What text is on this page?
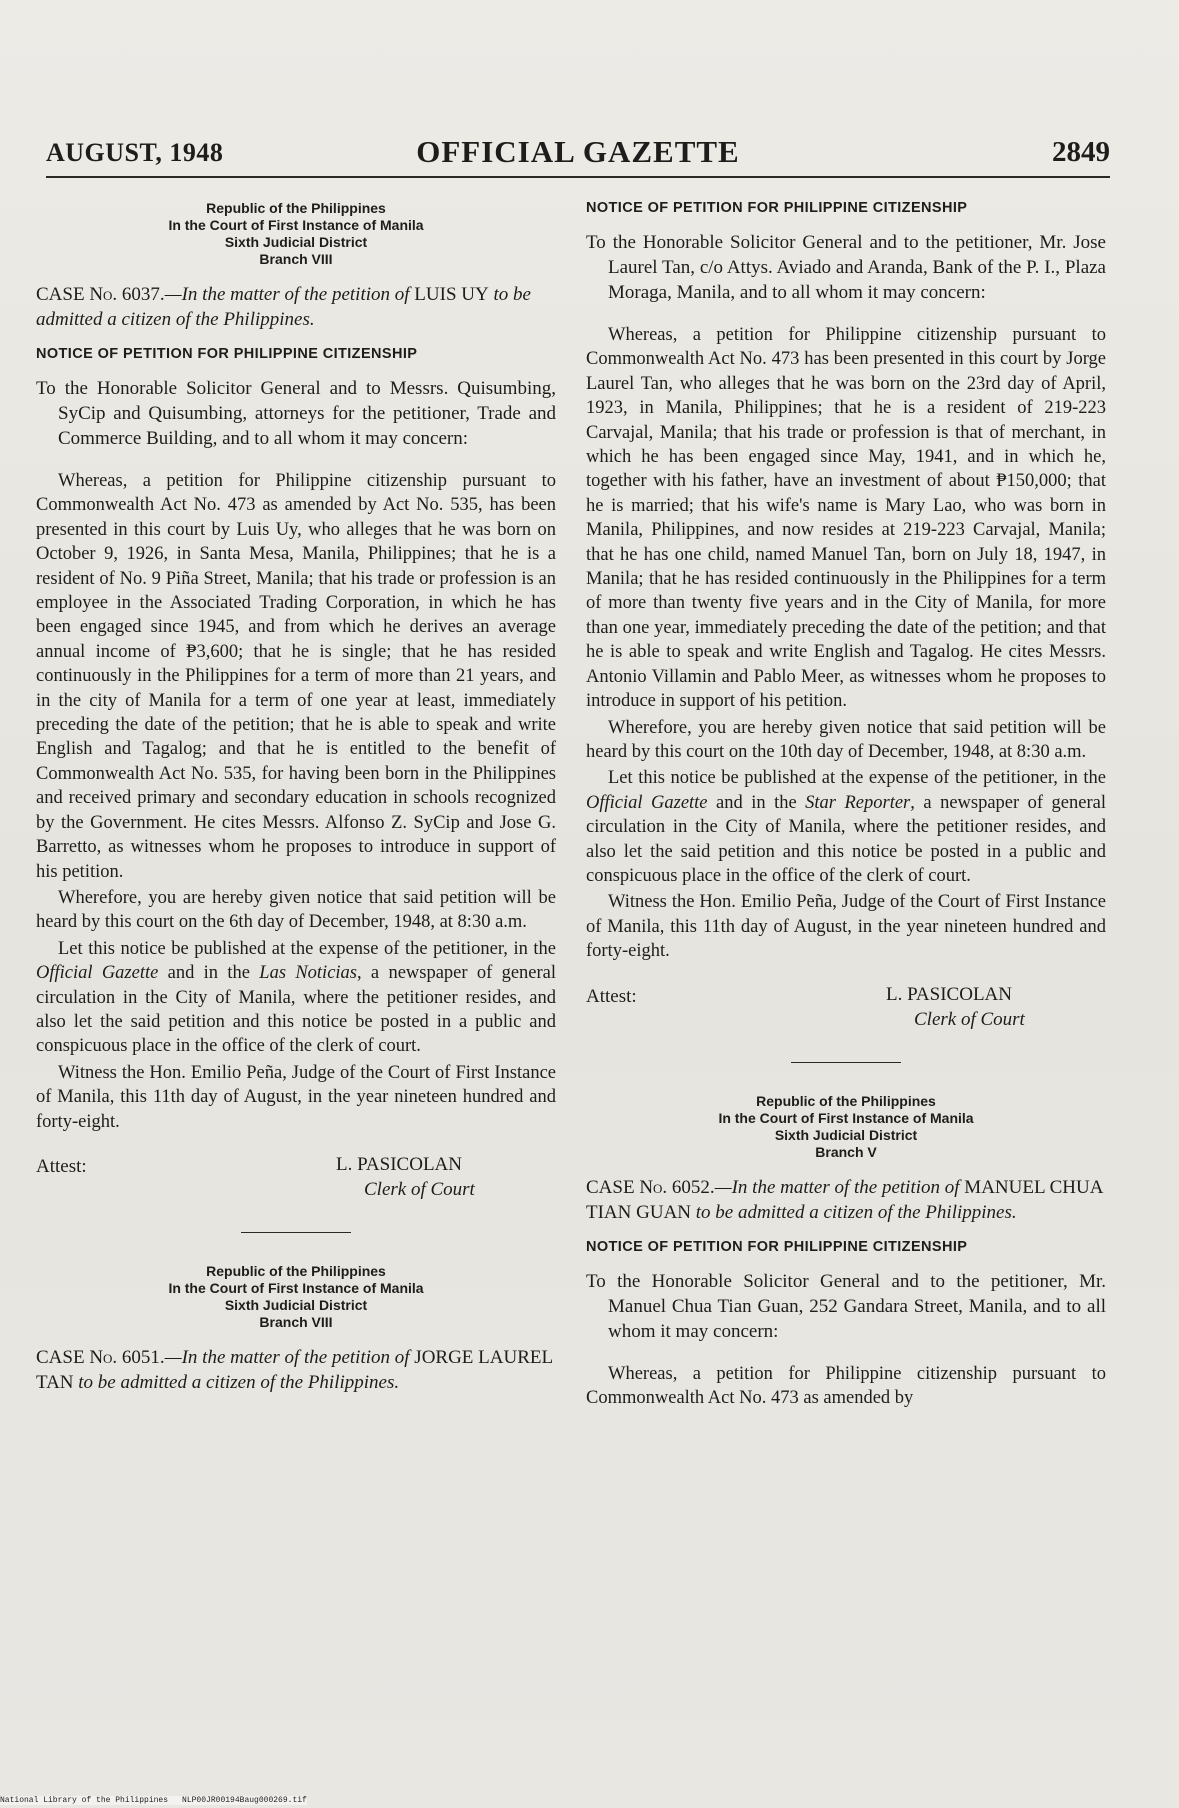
AUGUST, 1948	OFFICIAL GAZETTE	2849
Republic of the Philippines
In the Court of First Instance of Manila
Sixth Judicial District
Branch VIII
CASE No. 6037.—In the matter of the petition of LUIS UY to be admitted a citizen of the Philippines.
NOTICE OF PETITION FOR PHILIPPINE CITIZENSHIP

To the Honorable Solicitor General and to Messrs. Quisumbing, SyCip and Quisumbing, attorneys for the petitioner, Trade and Commerce Building, and to all whom it may concern:

Whereas, a petition for Philippine citizenship pursuant to Commonwealth Act No. 473 as amended by Act No. 535, has been presented in this court by Luis Uy, who alleges that he was born on October 9, 1926, in Santa Mesa, Manila, Philippines; that he is a resident of No. 9 Piña Street, Manila; that his trade or profession is an employee in the Associated Trading Corporation, in which he has been engaged since 1945, and from which he derives an average annual income of ₱3,600; that he is single; that he has resided continuously in the Philippines for a term of more than 21 years, and in the city of Manila for a term of one year at least, immediately preceding the date of the petition; that he is able to speak and write English and Tagalog; and that he is entitled to the benefit of Commonwealth Act No. 535, for having been born in the Philippines and received primary and secondary education in schools recognized by the Government. He cites Messrs. Alfonso Z. SyCip and Jose G. Barretto, as witnesses whom he proposes to introduce in support of his petition.

Wherefore, you are hereby given notice that said petition will be heard by this court on the 6th day of December, 1948, at 8:30 a.m.

Let this notice be published at the expense of the petitioner, in the Official Gazette and in the Las Noticias, a newspaper of general circulation in the City of Manila, where the petitioner resides, and also let the said petition and this notice be posted in a public and conspicuous place in the office of the clerk of court.

Witness the Hon. Emilio Peña, Judge of the Court of First Instance of Manila, this 11th day of August, in the year nineteen hundred and forty-eight.

Attest:	L. PASICOLAN
Clerk of Court
Republic of the Philippines
In the Court of First Instance of Manila
Sixth Judicial District
Branch VIII
CASE No. 6051.—In the matter of the petition of JORGE LAUREL TAN to be admitted a citizen of the Philippines.
NOTICE OF PETITION FOR PHILIPPINE CITIZENSHIP

To the Honorable Solicitor General and to the petitioner, Mr. Jose Laurel Tan, c/o Attys. Aviado and Aranda, Bank of the P. I., Plaza Moraga, Manila, and to all whom it may concern:

Whereas, a petition for Philippine citizenship pursuant to Commonwealth Act No. 473 has been presented in this court by Jorge Laurel Tan, who alleges that he was born on the 23rd day of April, 1923, in Manila, Philippines; that he is a resident of 219-223 Carvajal, Manila; that his trade or profession is that of merchant, in which he has been engaged since May, 1941, and in which he, together with his father, have an investment of about ₱150,000; that he is married; that his wife's name is Mary Lao, who was born in Manila, Philippines, and now resides at 219-223 Carvajal, Manila; that he has one child, named Manuel Tan, born on July 18, 1947, in Manila; that he has resided continuously in the Philippines for a term of more than twenty five years and in the City of Manila, for more than one year, immediately preceding the date of the petition; and that he is able to speak and write English and Tagalog. He cites Messrs. Antonio Villamin and Pablo Meer, as witnesses whom he proposes to introduce in support of his petition.

Wherefore, you are hereby given notice that said petition will be heard by this court on the 10th day of December, 1948, at 8:30 a.m.

Let this notice be published at the expense of the petitioner, in the Official Gazette and in the Star Reporter, a newspaper of general circulation in the City of Manila, where the petitioner resides, and also let the said petition and this notice be posted in a public and conspicuous place in the office of the clerk of court.

Witness the Hon. Emilio Peña, Judge of the Court of First Instance of Manila, this 11th day of August, in the year nineteen hundred and forty-eight.

Attest:	L. PASICOLAN
Clerk of Court
Republic of the Philippines
In the Court of First Instance of Manila
Sixth Judicial District
Branch V
CASE No. 6052.—In the matter of the petition of MANUEL CHUA TIAN GUAN to be admitted a citizen of the Philippines.
NOTICE OF PETITION FOR PHILIPPINE CITIZENSHIP

To the Honorable Solicitor General and to the petitioner, Mr. Manuel Chua Tian Guan, 252 Gandara Street, Manila, and to all whom it may concern:

Whereas, a petition for Philippine citizenship pursuant to Commonwealth Act No. 473 as amended by

National Library of the Philippines NLP00JR00194Baug000269.tif
